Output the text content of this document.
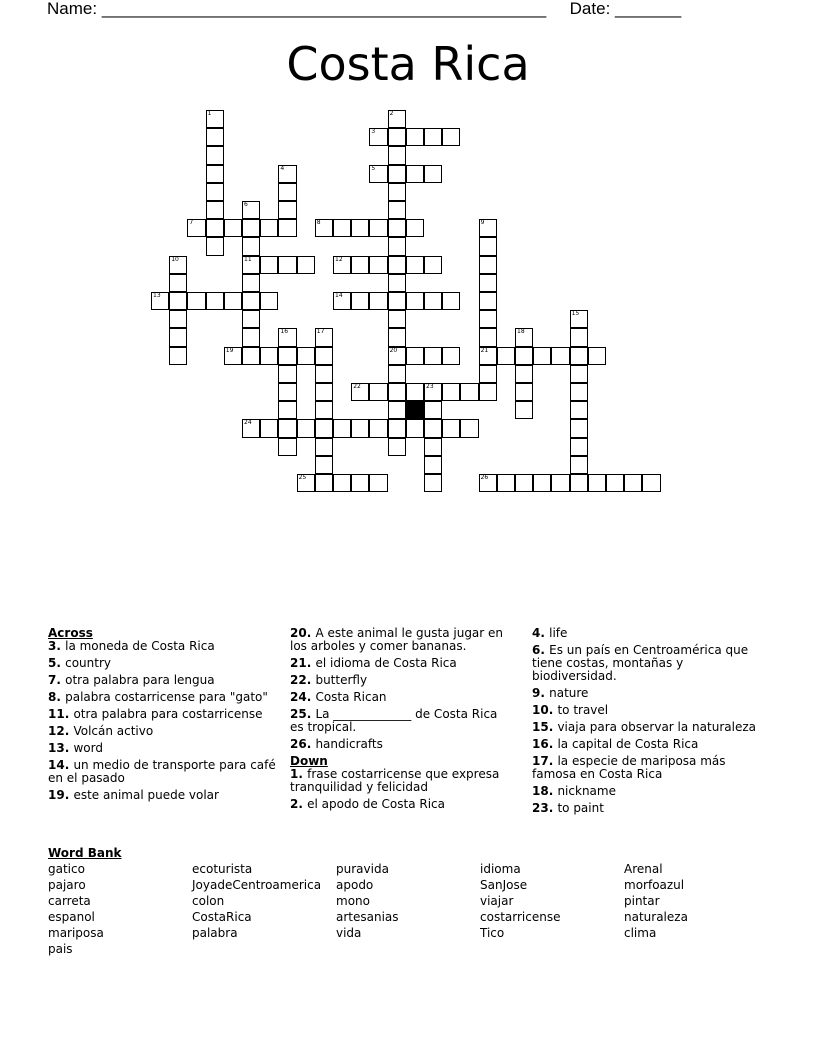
Name: _______________________________________________ Date: _______
Costa Rica
1	2
20
3
4	5
6
11
7	8	9
21
10	12
13	14
15
16	17	18
19
22	23
24
25	26
Across
3. la moneda de Costa Rica
5. country
7. otra palabra para lengua
8. palabra costarricense para "gato"
11. otra palabra para costarricense
12. Volcán activo
13. word
14. un medio de transporte para café en el pasado
19. este animal puede volar
20. A este animal le gusta jugar en los arboles y comer bananas.
21. el idioma de Costa Rica
22. butterfly
24. Costa Rican
25. La _____________ de Costa Rica es tropical.
26. handicrafts
Down
1. frase costarricense que expresa tranquilidad y felicidad
2. el apodo de Costa Rica
4. life
6. Es un país en Centroamérica que tiene costas, montañas y biodiversidad.
9. nature
10. to travel
15. viaja para observar la naturaleza
16. la capital de Costa Rica
17. la especie de mariposa más famosa en Costa Rica
18. nickname
23. to paint
Word Bank
gatico	ecoturista	puravida	idioma	Arenal
pajaro	JoyadeCentroamerica	apodo	SanJose	morfoazul
carreta	colon	mono	viajar	pintar
espanol	CostaRica	artesanias	costarricense	naturaleza
mariposa	palabra	vida	Tico	clima
pais
